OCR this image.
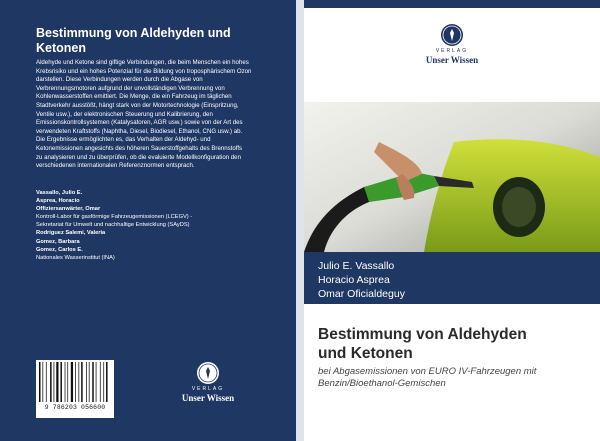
Bestimmung von Aldehyden und
Ketonen
Aldehyde und Ketone sind giftige Verbindungen, die beim Menschen ein hohes
Krebsrisiko und ein hohes Potenzial für die Bildung von troposphärischem Ozon
darstellen. Diese Verbindungen werden durch die Abgase von
Verbrennungsmotoren aufgrund der unvollständigen Verbrennung von
Kohlenwasserstoffen emittiert. Die Menge, die ein Fahrzeug im täglichen
Stadtverkehr ausstößt, hängt stark von der Motortechnologie (Einspritzung,
Ventile usw.), der elektronischen Steuerung und Kalibrierung, den
Emissionskontrollsystemen (Katalysatoren, AGR usw.) sowie von der Art des
verwendeten Kraftstoffs (Naphtha, Diesel, Biodiesel, Ethanol, CNG usw.) ab.
Die Ergebnisse ermöglichten es, das Verhalten der Aldehyd- und
Ketonemissionen angesichts des höheren Sauerstoffgehalts des Brennstoffs
zu analysieren und zu überprüfen, ob die evaluierte Modellkonfiguration den
verschiedenen internationalen Referenznormen entsprach.
Vassallo, Julio E.
Asprea, Horacio
Offiziersanwärter, Omar
Kontroll-Labor für gasförmige Fahrzeugemissionen (LCEGV) -
Sekretariat für Umwelt und nachhaltige Entwicklung (SAyDS)
Rodriguez Salemi, Valeria
Gomez, Barbara
Gomez, Carlos E.
Nationales Wasserinstitut (INA)
9 786203 056600
VERLAG
Unser Wissen
VERLAG
Unser Wissen
Julio E. Vassallo
Horacio Asprea
Omar Oficialdeguy
Bestimmung von Aldehyden
und Ketonen
bei Abgasemissionen von EURO IV-Fahrzeugen mit
Benzin/Bioethanol-Gemischen
